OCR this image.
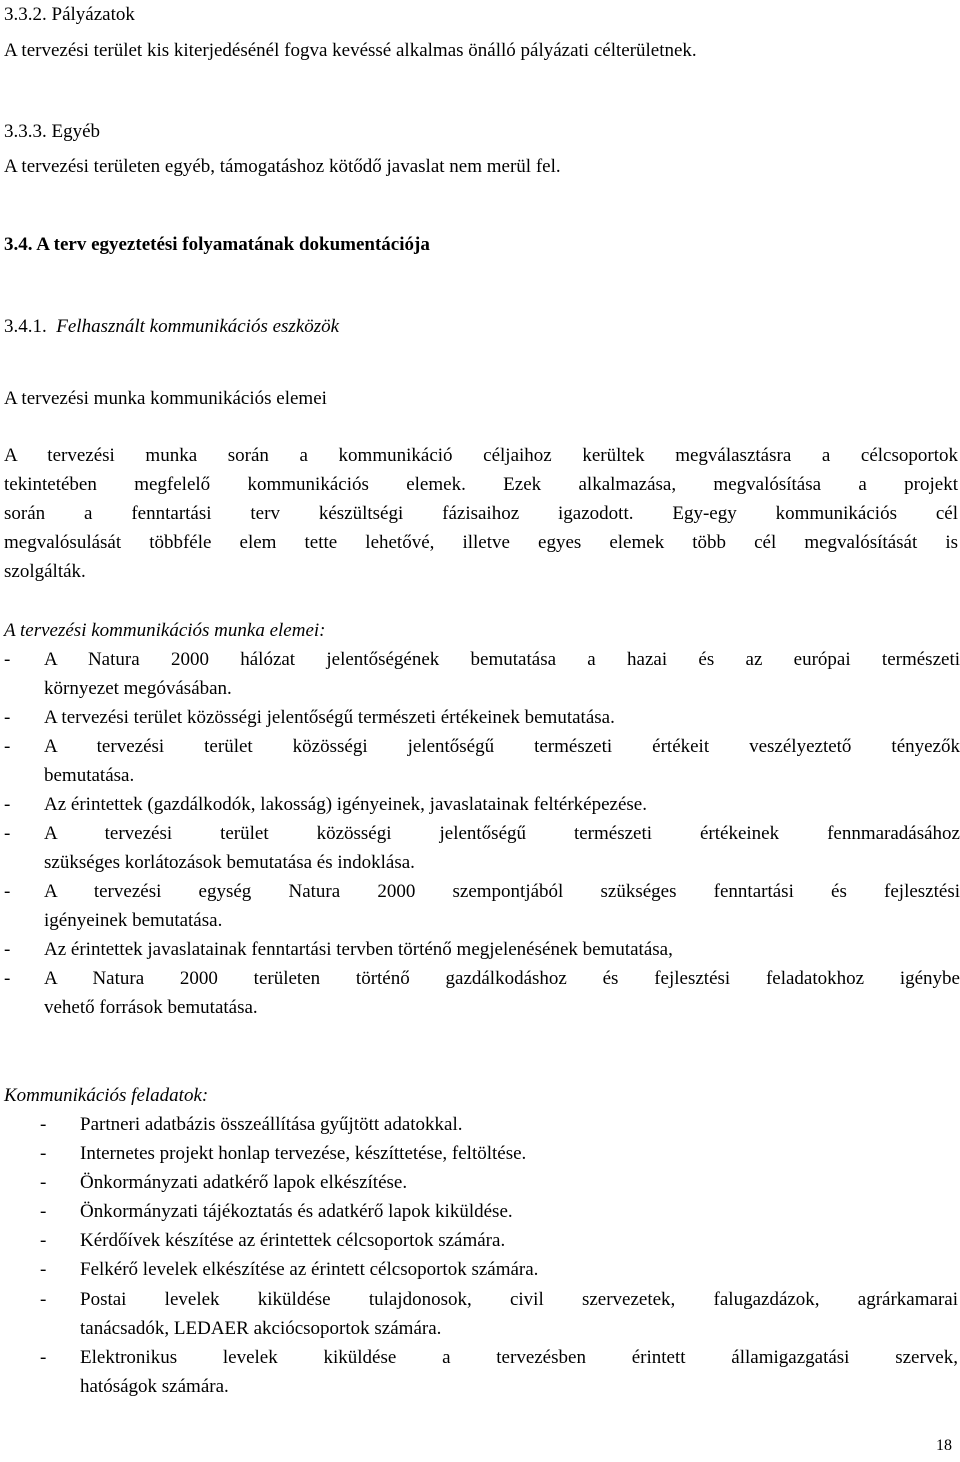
3.3.2. Pályázatok
A tervezési terület kis kiterjedésénél fogva kevéssé alkalmas önálló pályázati célterületnek.
3.3.3. Egyéb
A tervezési területen egyéb, támogatáshoz kötődő javaslat nem merül fel.
3.4. A terv egyeztetési folyamatának dokumentációja
3.4.1. Felhasznált kommunikációs eszközök
A tervezési munka kommunikációs elemei
A tervezési munka során a kommunikáció céljaihoz kerültek megválasztásra a célcsoportok
tekintetében megfelelő kommunikációs elemek. Ezek alkalmazása, megvalósítása a projekt
során a fenntartási terv készültségi fázisaihoz igazodott. Egy-egy kommunikációs cél
megvalósulását többféle elem tette lehetővé, illetve egyes elemek több cél megvalósítását is
szolgálták.
A tervezési kommunikációs munka elemei:
- A Natura 2000 hálózat jelentőségének bemutatása a hazai és az európai természeti
környezet megóvásában.
- A tervezési terület közösségi jelentőségű természeti értékeinek bemutatása.
- A tervezési terület közösségi jelentőségű természeti értékeit veszélyeztető tényezők
bemutatása.
- Az érintettek (gazdálkodók, lakosság) igényeinek, javaslatainak feltérképezése.
- A tervezési terület közösségi jelentőségű természeti értékeinek fennmaradásához
szükséges korlátozások bemutatása és indoklása.
- A tervezési egység Natura 2000 szempontjából szükséges fenntartási és fejlesztési
igényeinek bemutatása.
- Az érintettek javaslatainak fenntartási tervben történő megjelenésének bemutatása,
- A Natura 2000 területen történő gazdálkodáshoz és fejlesztési feladatokhoz igénybe
vehető források bemutatása.
Kommunikációs feladatok:
- Partneri adatbázis összeállítása gyűjtött adatokkal.
- Internetes projekt honlap tervezése, készíttetése, feltöltése.
- Önkormányzati adatkérő lapok elkészítése.
- Önkormányzati tájékoztatás és adatkérő lapok kiküldése.
- Kérdőívek készítése az érintettek célcsoportok számára.
- Felkérő levelek elkészítése az érintett célcsoportok számára.
- Postai levelek kiküldése tulajdonosok, civil szervezetek, falugazdázok, agrárkamarai
tanácsadók, LEDAER akciócsoportok számára.
- Elektronikus levelek kiküldése a tervezésben érintett államigazgatási szervek,
hatóságok számára.
18
